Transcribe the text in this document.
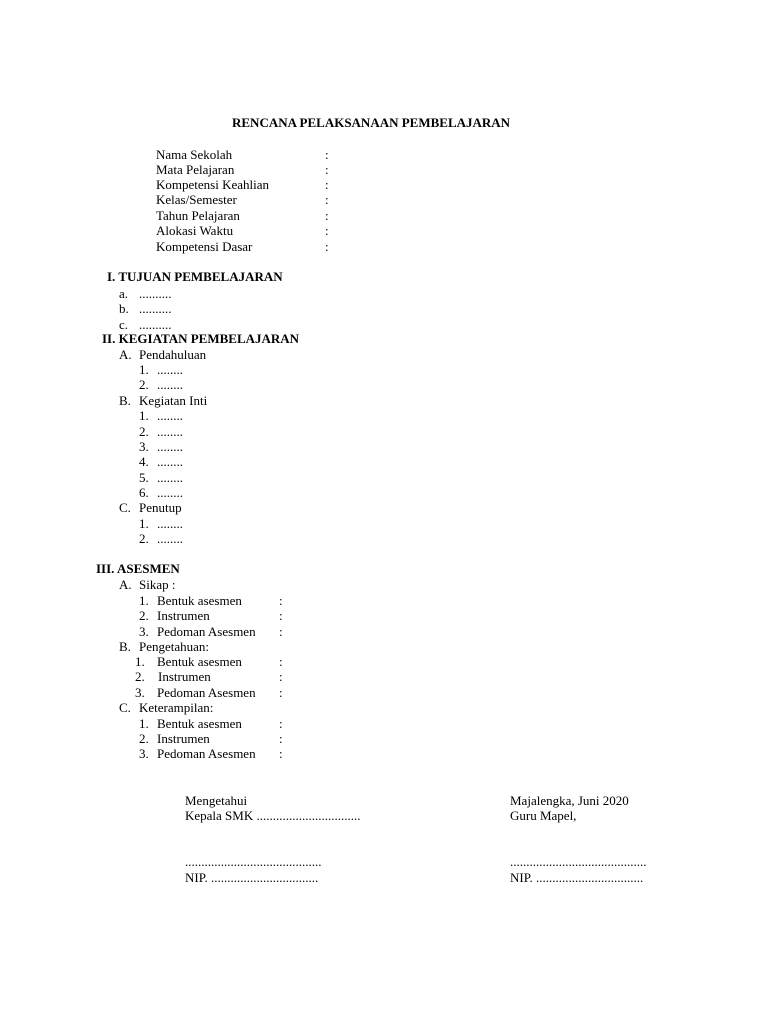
RENCANA PELAKSANAAN PEMBELAJARAN
Nama Sekolah	:
Mata Pelajaran	:
Kompetensi Keahlian	:
Kelas/Semester	:
Tahun Pelajaran	:
Alokasi Waktu	:
Kompetensi Dasar	:
I. TUJUAN PEMBELAJARAN
a. ..........
b. ..........
c. ..........
II. KEGIATAN PEMBELAJARAN
A. Pendahuluan
1. ........
2. ........
B. Kegiatan Inti
1. ........
2. ........
3. ........
4. ........
5. ........
6. ........
C. Penutup
1. ........
2. ........
III. ASESMEN
A. Sikap :
1. Bentuk asesmen	:
2. Instrumen	:
3. Pedoman Asesmen :
B. Pengetahuan:
1. Bentuk asesmen	:
2. Instrumen	:
3. Pedoman Asesmen :
C. Keterampilan:
1. Bentuk asesmen	:
2. Instrumen	:
3. Pedoman Asesmen :
Mengetahui
Kepala SMK ................................
..........................................
NIP. .................................
Majalengka, Juni 2020
Guru Mapel,
..........................................
NIP. .................................
